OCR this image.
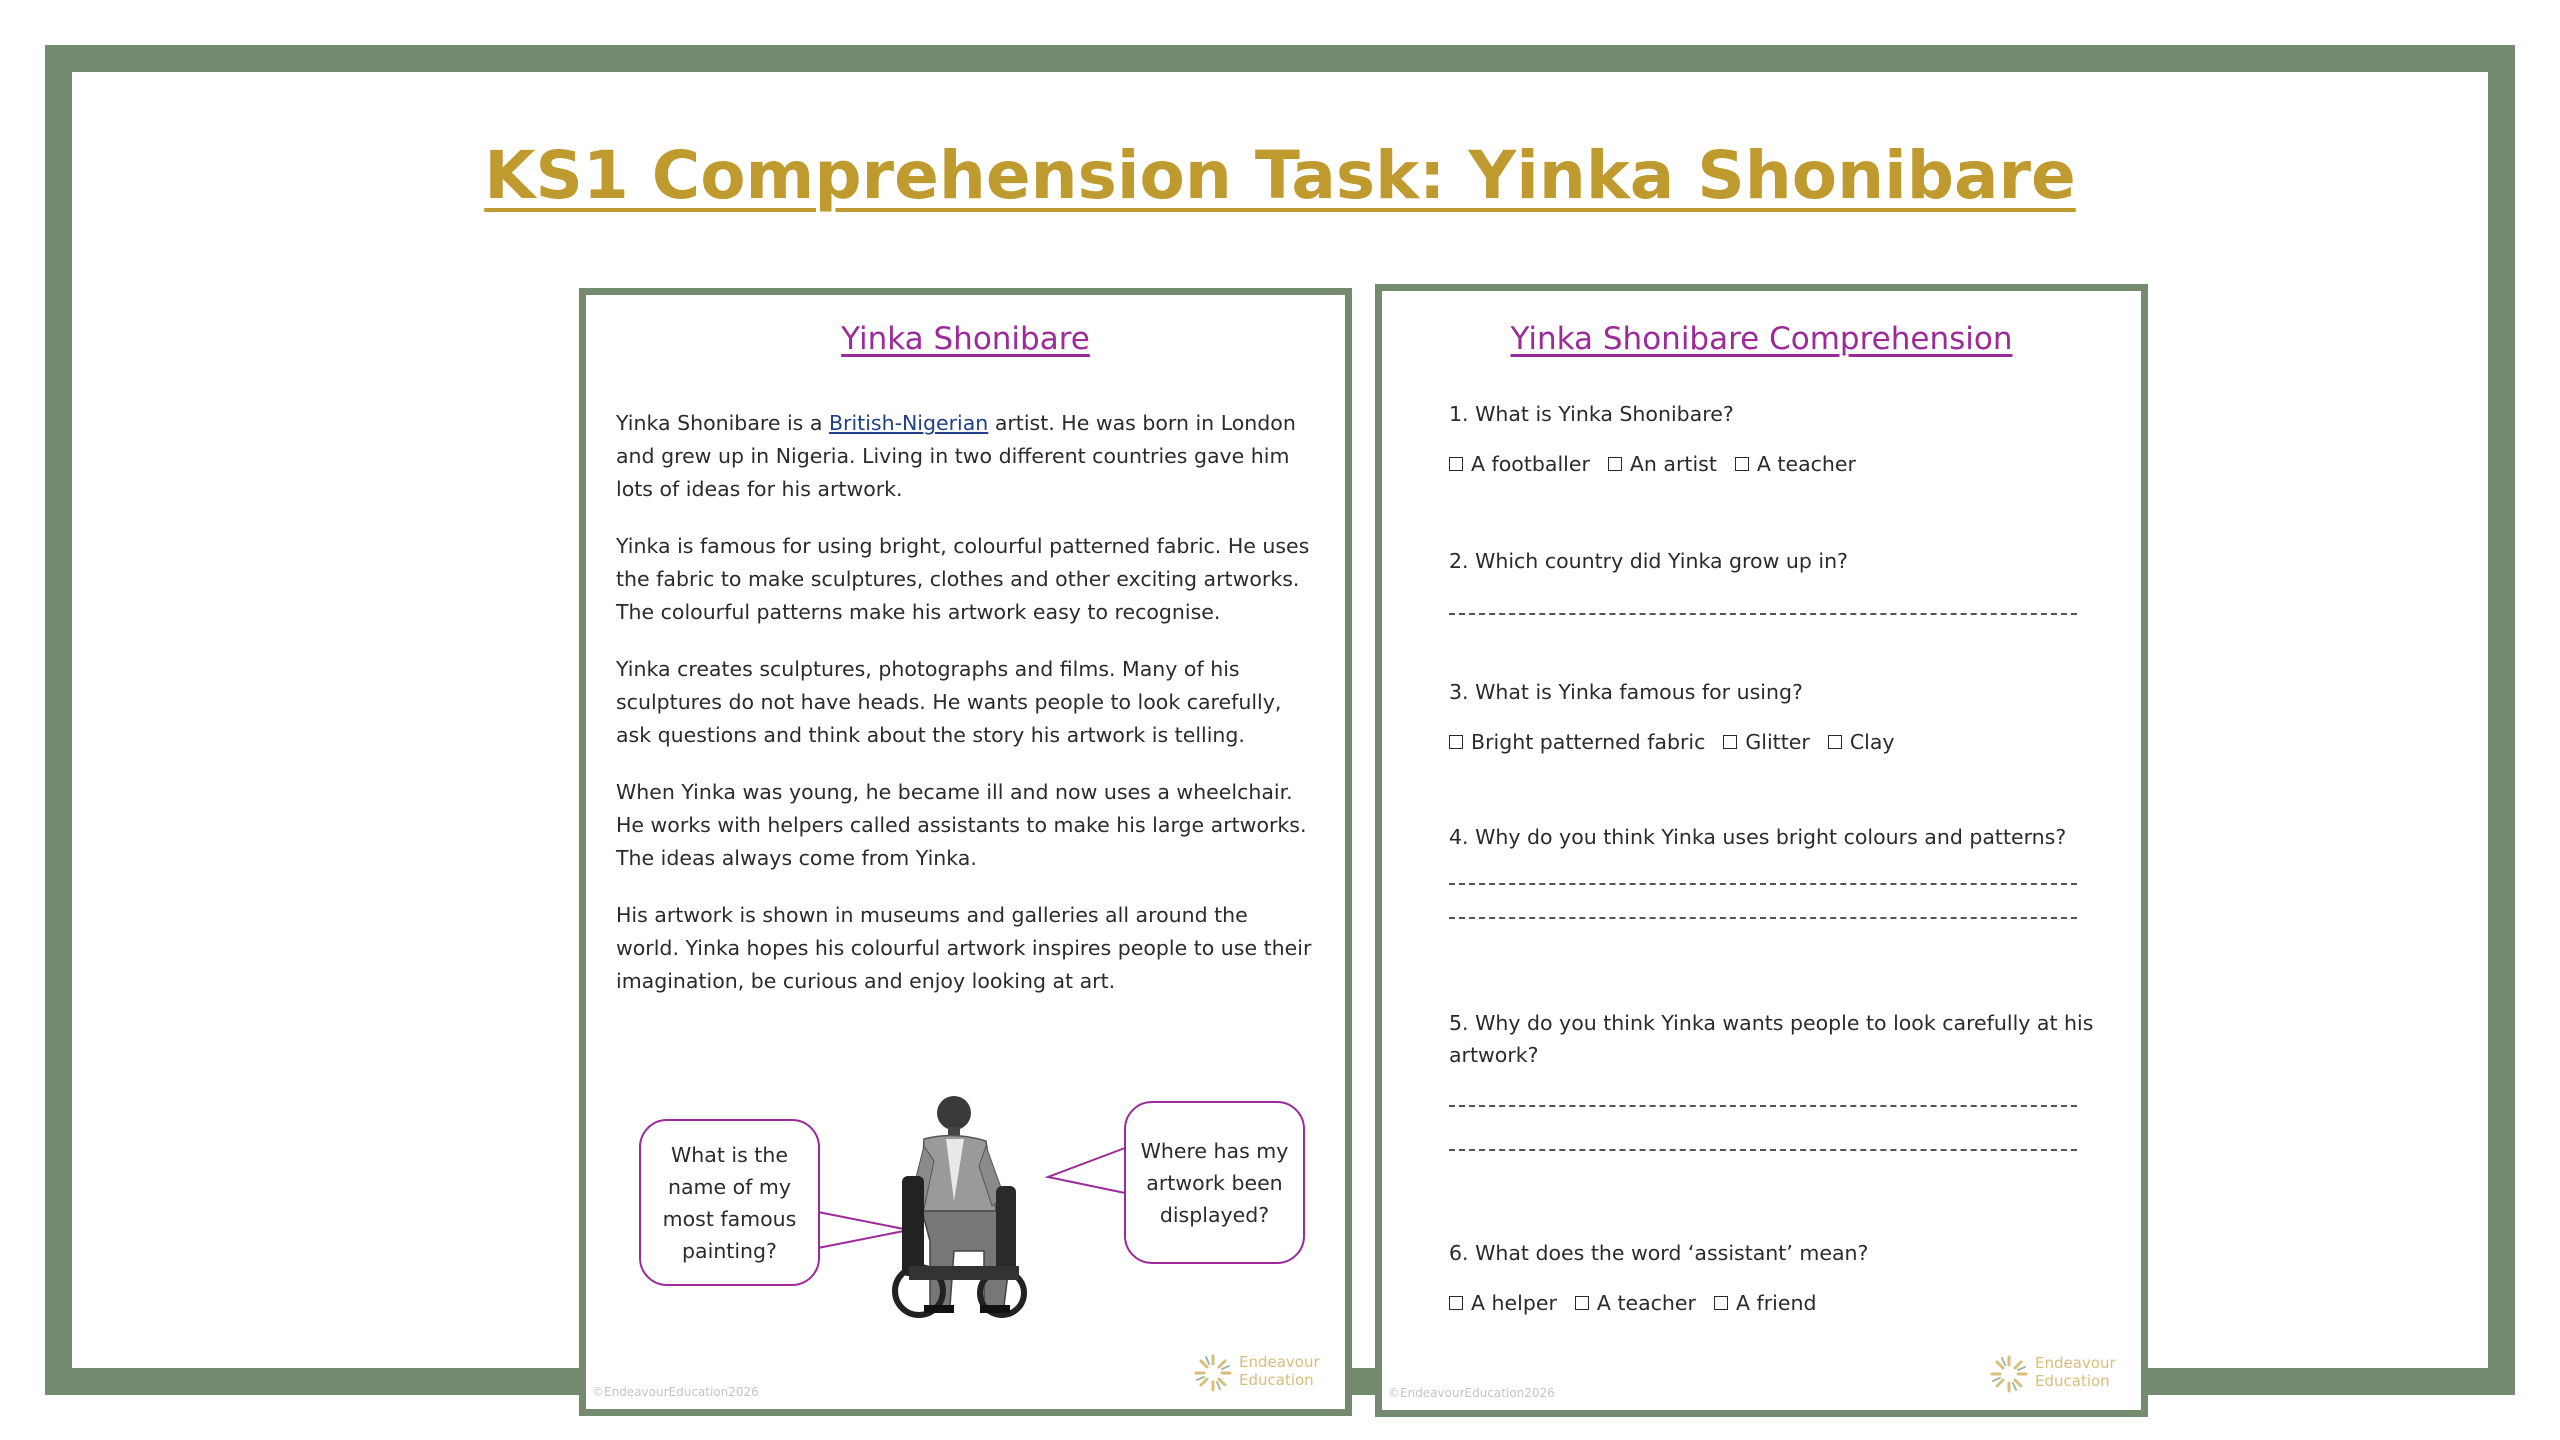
KS1 Comprehension Task: Yinka Shonibare
Yinka Shonibare

Yinka Shonibare is a British-Nigerian artist. He was born in London and grew up in Nigeria. Living in two different countries gave him lots of ideas for his artwork.

Yinka is famous for using bright, colourful patterned fabric. He uses the fabric to make sculptures, clothes and other exciting artworks. The colourful patterns make his artwork easy to recognise.

Yinka creates sculptures, photographs and films. Many of his sculptures do not have heads. He wants people to look carefully, ask questions and think about the story his artwork is telling.

When Yinka was young, he became ill and now uses a wheelchair. He works with helpers called assistants to make his large artworks. The ideas always come from Yinka.

His artwork is shown in museums and galleries all around the world. Yinka hopes his colourful artwork inspires people to use their imagination, be curious and enjoy looking at art.

What is the name of my most famous painting?
Where has my artwork been displayed?
©EndeavourEducation2026
Endeavour
Education
Yinka Shonibare Comprehension

1. What is Yinka Shonibare?

A footballer An artist A teacher

2. Which country did Yinka grow up in?

3. What is Yinka famous for using?

Bright patterned fabric Glitter Clay

4. Why do you think Yinka uses bright colours and patterns?

5. Why do you think Yinka wants people to look carefully at his artwork?

6. What does the word ‘assistant’ mean?

A helper A teacher A friend
©EndeavourEducation2026
Endeavour
Education
